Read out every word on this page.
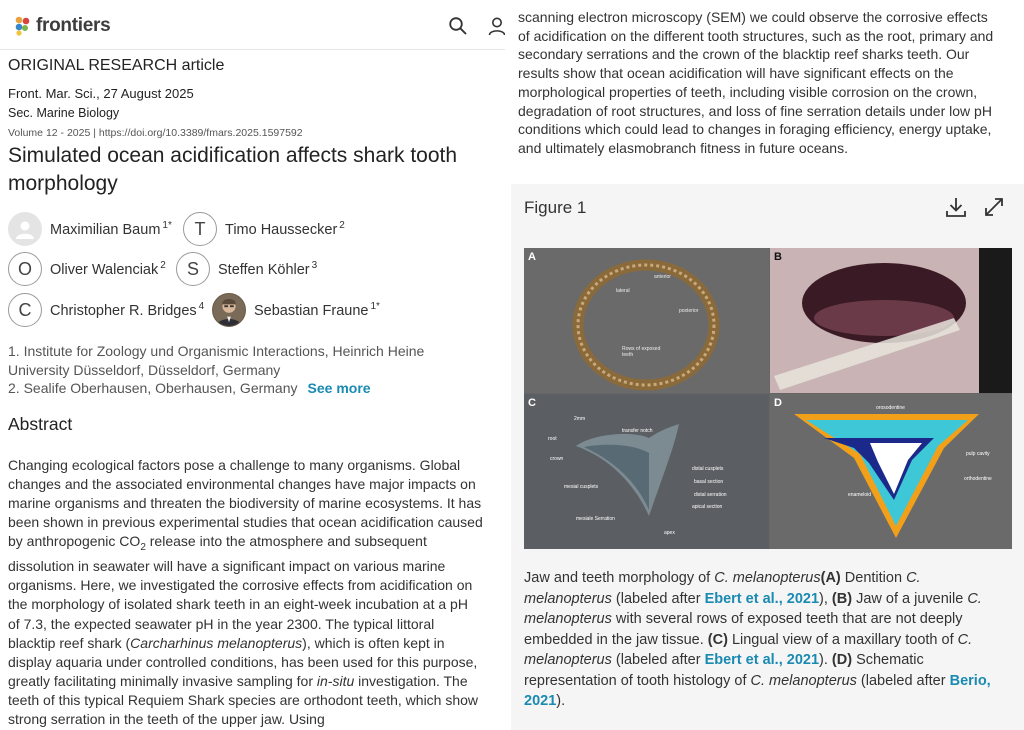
frontiers
ORIGINAL RESEARCH article
Front. Mar. Sci., 27 August 2025
Sec. Marine Biology
Volume 12 - 2025 | https://doi.org/10.3389/fmars.2025.1597592
Simulated ocean acidification affects shark tooth morphology
Maximilian Baum $^{1*}$	T	Timo Haussecker $^2$
O	Oliver Walenciak $^2$	S	Steffen Köhler $^3$
C	Christopher R. Bridges $^4$	Sebastian Fraune $^{1*}$
1. Institute for Zoology und Organismic Interactions, Heinrich Heine University Düsseldorf, Düsseldorf, Germany
2. Sealife Oberhausen, Oberhausen, Germany See more
Abstract

Changing ecological factors pose a challenge to many organisms. Global changes and the associated environmental changes have major impacts on marine organisms and threaten the biodiversity of marine ecosystems. It has been shown in previous experimental studies that ocean acidification caused by anthropogenic $CO_2$ release into the atmosphere and subsequent dissolution in seawater will have a significant impact on various marine organisms. Here, we investigated the corrosive effects from acidification on the morphology of isolated shark teeth in an eight-week incubation at a pH of 7.3, the expected seawater pH in the year 2300. The typical littoral blacktip reef shark (Carcharhinus melanopterus), which is often kept in display aquaria under controlled conditions, has been used for this purpose, greatly facilitating minimally invasive sampling for in-situ investigation. The teeth of this typical Requiem Shark species are orthodont teeth, which show strong serration in the teeth of the upper jaw. Using

scanning electron microscopy (SEM) we could observe the corrosive effects of acidification on the different tooth structures, such as the root, primary and secondary serrations and the crown of the blacktip reef sharks teeth. Our results show that ocean acidification will have significant effects on the morphological properties of teeth, including visible corrosion on the crown, degradation of root structures, and loss of fine serration details under low pH conditions which could lead to changes in foraging efficiency, energy uptake, and ultimately elasmobranch fitness in future oceans.

Figure 1
A
lateral
anterior
posterior
Rows of exposed
teeth
B
C
2mm
transfer notch
root
crown
mesial cusplets
distal cusplets
basal section
distal serration
apical section
mesiale Serration
apex
D	orosodentine
pulp cavity
orthodentine
enameloid

Jaw and teeth morphology of C. melanopterus(A) Dentition C. melanopterus (labeled after Ebert et al., 2021), (B) Jaw of a juvenile C. melanopterus with several rows of exposed teeth that are not deeply embedded in the jaw tissue. (C) Lingual view of a maxillary tooth of C. melanopterus (labeled after Ebert et al., 2021). (D) Schematic representation of tooth histology of C. melanopterus (labeled after Berio, 2021).
